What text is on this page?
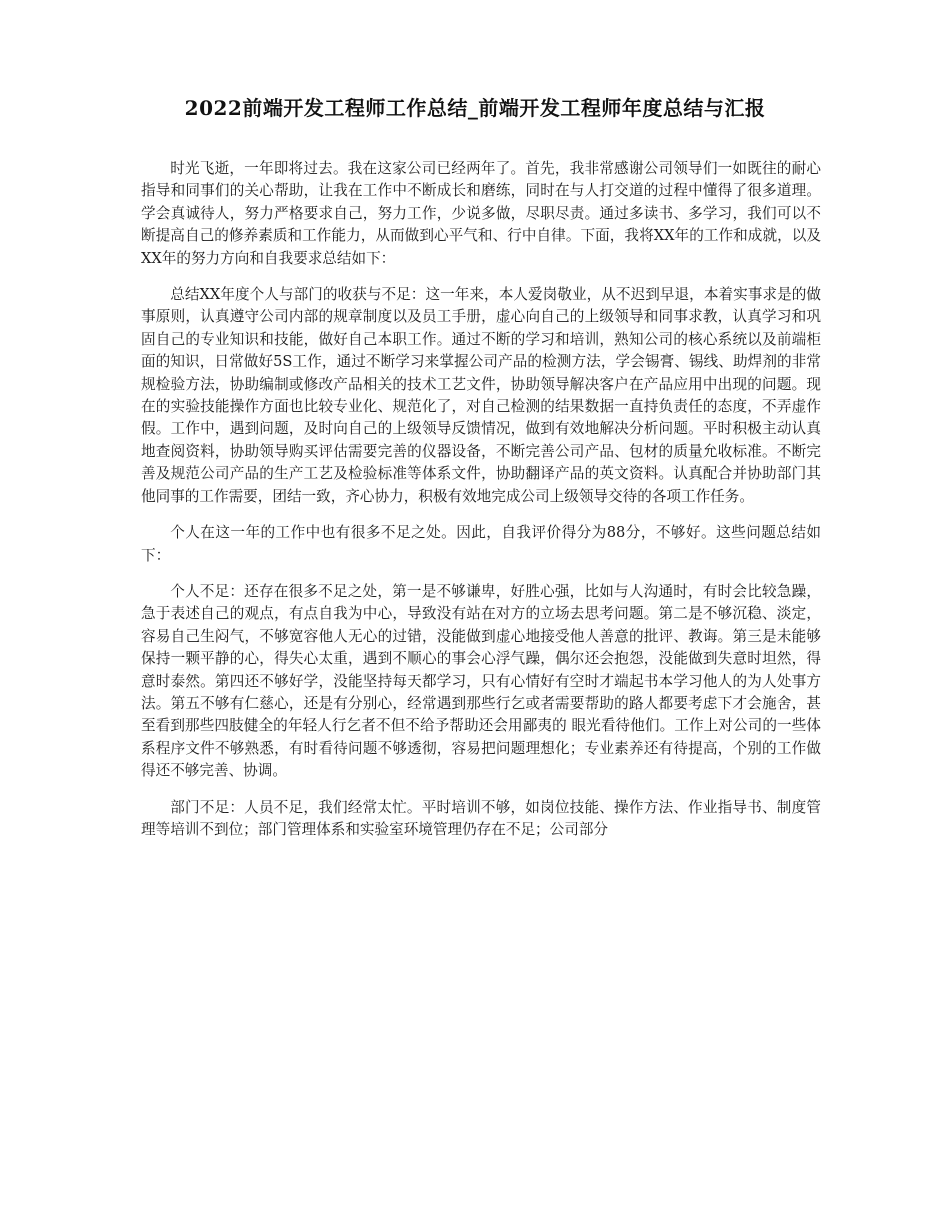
2022前端开发工程师工作总结_前端开发工程师年度总结与汇报

时光飞逝，一年即将过去。我在这家公司已经两年了。首先，我非常感谢公司领导们一如既往的耐心指导和同事们的关心帮助，让我在工作中不断成长和磨练，同时在与人打交道的过程中懂得了很多道理。学会真诚待人，努力严格要求自己，努力工作，少说多做，尽职尽责。通过多读书、多学习，我们可以不断提高自己的修养素质和工作能力，从而做到心平气和、行中自律。下面，我将XX年的工作和成就，以及XX年的努力方向和自我要求总结如下：

总结XX年度个人与部门的收获与不足：这一年来，本人爱岗敬业，从不迟到早退，本着实事求是的做事原则，认真遵守公司内部的规章制度以及员工手册，虚心向自己的上级领导和同事求教，认真学习和巩固自己的专业知识和技能，做好自己本职工作。通过不断的学习和培训，熟知公司的核心系统以及前端柜面的知识，日常做好5S工作，通过不断学习来掌握公司产品的检测方法，学会锡膏、锡线、助焊剂的非常规检验方法，协助编制或修改产品相关的技术工艺文件，协助领导解决客户在产品应用中出现的问题。现在的实验技能操作方面也比较专业化、规范化了，对自己检测的结果数据一直持负责任的态度，不弄虚作假。工作中，遇到问题，及时向自己的上级领导反馈情况，做到有效地解决分析问题。平时积极主动认真地查阅资料，协助领导购买评估需要完善的仪器设备，不断完善公司产品、包材的质量允收标准。不断完善及规范公司产品的生产工艺及检验标准等体系文件，协助翻译产品的英文资料。认真配合并协助部门其他同事的工作需要，团结一致，齐心协力，积极有效地完成公司上级领导交待的各项工作任务。

个人在这一年的工作中也有很多不足之处。因此，自我评价得分为88分，不够好。这些问题总结如下：

个人不足：还存在很多不足之处，第一是不够谦卑，好胜心强，比如与人沟通时，有时会比较急躁，急于表述自己的观点，有点自我为中心，导致没有站在对方的立场去思考问题。第二是不够沉稳、淡定，容易自己生闷气，不够宽容他人无心的过错，没能做到虚心地接受他人善意的批评、教诲。第三是未能够保持一颗平静的心，得失心太重，遇到不顺心的事会心浮气躁，偶尔还会抱怨，没能做到失意时坦然，得意时泰然。第四还不够好学，没能坚持每天都学习，只有心情好有空时才端起书本学习他人的为人处事方法。第五不够有仁慈心，还是有分别心，经常遇到那些行乞或者需要帮助的路人都要考虑下才会施舍，甚至看到那些四肢健全的年轻人行乞者不但不给予帮助还会用鄙夷的 眼光看待他们。工作上对公司的一些体系程序文件不够熟悉，有时看待问题不够透彻，容易把问题理想化；专业素养还有待提高，个别的工作做得还不够完善、协调。

部门不足：人员不足，我们经常太忙。平时培训不够，如岗位技能、操作方法、作业指导书、制度管理等培训不到位；部门管理体系和实验室环境管理仍存在不足；公司部分
